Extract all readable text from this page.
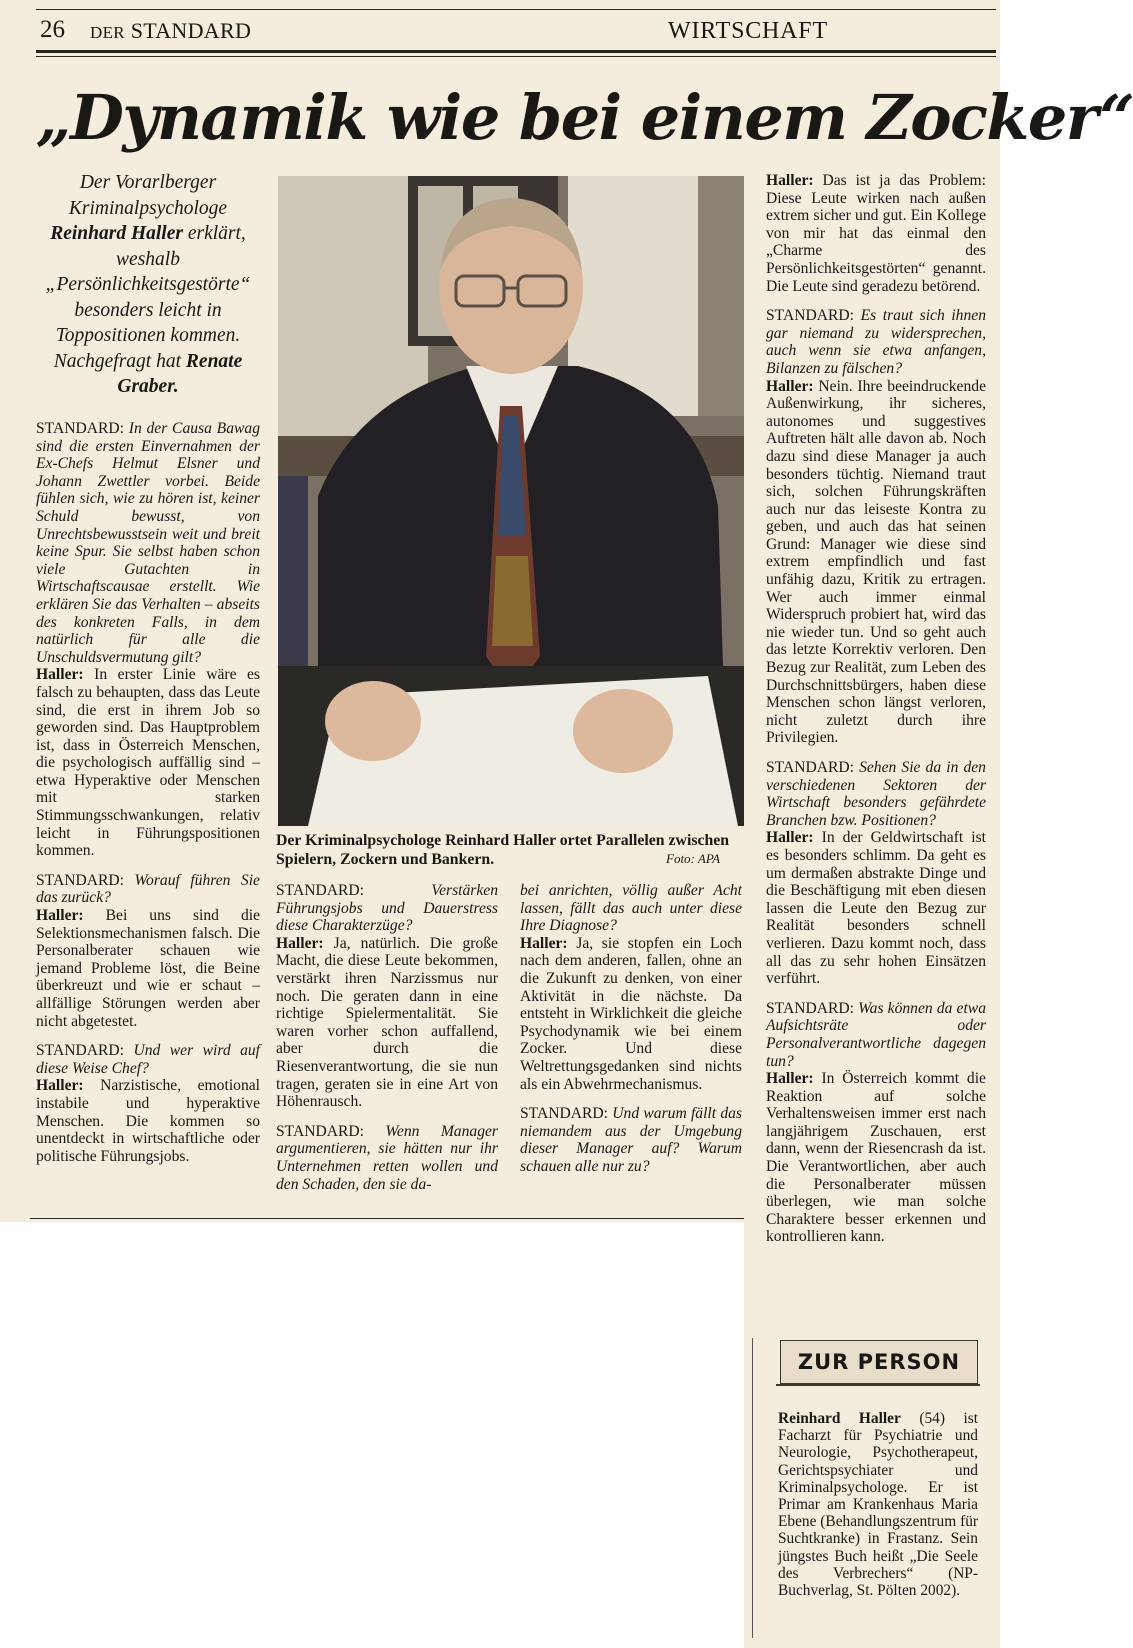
26 DER STANDARD	WIRTSCHAFT
„Dynamik wie bei einem Zocker“
Der Vorarlberger Kriminalpsychologe Reinhard Haller erklärt, weshalb „Persönlichkeitsgestörte“ besonders leicht in Toppositionen kommen. Nachgefragt hat Renate Graber.

STANDARD: In der Causa Bawag sind die ersten Einvernahmen der Ex-Chefs Helmut Elsner und Johann Zwettler vorbei. Beide fühlen sich, wie zu hören ist, keiner Schuld bewusst, von Unrechtsbewusstsein weit und breit keine Spur. Sie selbst haben schon viele Gutachten in Wirtschaftscausae erstellt. Wie erklären Sie das Verhalten – abseits des konkreten Falls, in dem natürlich für alle die Unschuldsvermutung gilt?

Haller: In erster Linie wäre es falsch zu behaupten, dass das Leute sind, die erst in ihrem Job so geworden sind. Das Hauptproblem ist, dass in Österreich Menschen, die psychologisch auffällig sind – etwa Hyperaktive oder Menschen mit starken Stimmungsschwankungen, relativ leicht in Führungspositionen kommen.

STANDARD: Worauf führen Sie das zurück?

Haller: Bei uns sind die Selektionsmechanismen falsch. Die Personalberater schauen wie jemand Probleme löst, die Beine überkreuzt und wie er schaut – allfällige Störungen werden aber nicht abgetestet.

STANDARD: Und wer wird auf diese Weise Chef?

Haller: Narzistische, emotional instabile und hyperaktive Menschen. Die kommen so unentdeckt in wirtschaftliche oder politische Führungsjobs.

Der Kriminalpsychologe Reinhard Haller ortet Parallelen zwischen Spielern, Zockern und Bankern.	Foto: APA

STANDARD:	Verstärken Führungsjobs und Dauerstress diese Charakterzüge?

Haller: Ja, natürlich. Die große Macht, die diese Leute bekommen, verstärkt ihren Narzissmus nur noch. Die geraten dann in eine richtige Spielermentalität. Sie waren vorher schon auffallend, aber durch die Riesenverantwortung, die sie nun tragen, geraten sie in eine Art von Höhenrausch.

STANDARD: Wenn Manager argumentieren, sie hätten nur ihr Unternehmen retten wollen und den Schaden, den sie da-

bei anrichten, völlig außer Acht lassen, fällt das auch unter diese Ihre Diagnose?

Haller: Ja, sie stopfen ein Loch nach dem anderen, fallen, ohne an die Zukunft zu denken, von einer Aktivität in die nächste. Da entsteht in Wirklichkeit die gleiche Psychodynamik wie bei einem Zocker. Und diese Weltrettungsgedanken sind nichts als ein Abwehrmechanismus.

STANDARD: Und warum fällt das niemandem aus der Umgebung dieser Manager auf? Warum schauen alle nur zu?

Haller: Das ist ja das Problem: Diese Leute wirken nach außen extrem sicher und gut. Ein Kollege von mir hat das einmal den „Charme des Persönlichkeitsgestörten“ genannt. Die Leute sind geradezu betörend.

STANDARD: Es traut sich ihnen gar niemand zu widersprechen, auch wenn sie etwa anfangen, Bilanzen zu fälschen?

Haller: Nein. Ihre beeindruckende Außenwirkung, ihr sicheres, autonomes und suggestives Auftreten hält alle davon ab. Noch dazu sind diese Manager ja auch besonders tüchtig. Niemand traut sich, solchen Führungskräften auch nur das leiseste Kontra zu geben, und auch das hat seinen Grund: Manager wie diese sind extrem empfindlich und fast unfähig dazu, Kritik zu ertragen. Wer auch immer einmal Widerspruch probiert hat, wird das nie wieder tun. Und so geht auch das letzte Korrektiv verloren. Den Bezug zur Realität, zum Leben des Durchschnittsbürgers, haben diese Menschen schon längst verloren, nicht zuletzt durch ihre Privilegien.

STANDARD: Sehen Sie da in den verschiedenen Sektoren der Wirtschaft besonders gefährdete Branchen bzw. Positionen?

Haller: In der Geldwirtschaft ist es besonders schlimm. Da geht es um dermaßen abstrakte Dinge und die Beschäftigung mit eben diesen lassen die Leute den Bezug zur Realität besonders schnell verlieren. Dazu kommt noch, dass all das zu sehr hohen Einsätzen verführt.

STANDARD: Was können da etwa Aufsichtsräte oder Personalverantwortliche dagegen tun?

Haller: In Österreich kommt die Reaktion auf solche Verhaltensweisen immer erst nach langjährigem Zuschauen, erst dann, wenn der Riesencrash da ist. Die Verantwortlichen, aber auch die Personalberater müssen überlegen, wie man solche Charaktere besser erkennen und kontrollieren kann.

ZUR PERSON
Reinhard Haller (54) ist Facharzt für Psychiatrie und Neurologie, Psychotherapeut, Gerichtspsychiater und Kriminalpsychologe. Er ist Primar am Krankenhaus Maria Ebene (Behandlungszentrum für Suchtkranke) in Frastanz. Sein jüngstes Buch heißt „Die Seele des Verbrechers“ (NP-Buchverlag, St. Pölten 2002).
